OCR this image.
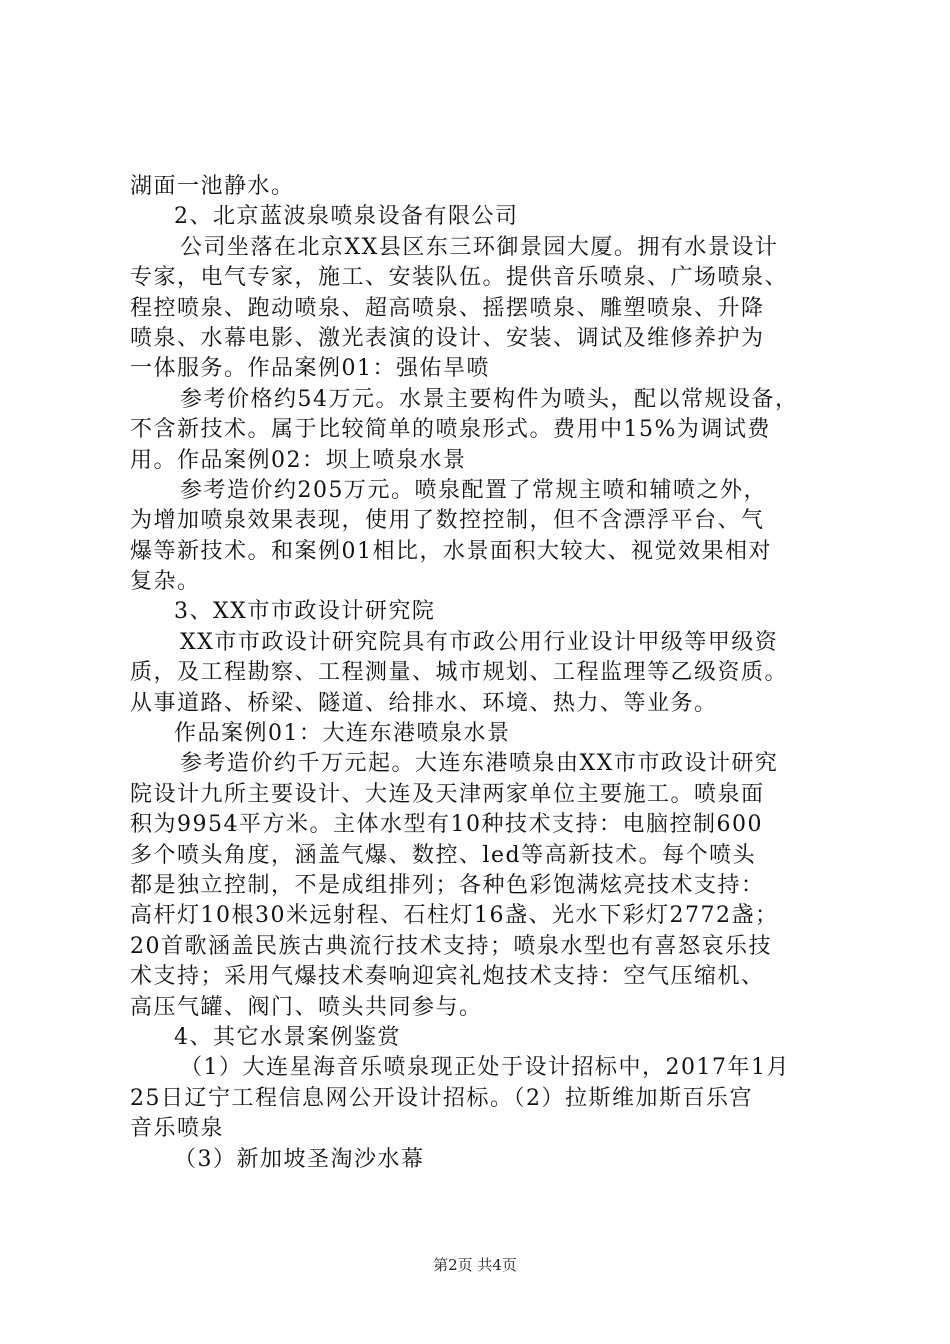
湖面一池静水。
2、北京蓝波泉喷泉设备有限公司
公司坐落在北京XX县区东三环御景园大厦。拥有水景设计
专家，电气专家，施工、安装队伍。提供音乐喷泉、广场喷泉、
程控喷泉、跑动喷泉、超高喷泉、摇摆喷泉、雕塑喷泉、升降
喷泉、水幕电影、激光表演的设计、安装、调试及维修养护为
一体服务。作品案例01：强佑旱喷
参考价格约54万元。水景主要构件为喷头，配以常规设备，
不含新技术。属于比较简单的喷泉形式。费用中15%为调试费
用。作品案例02：坝上喷泉水景
参考造价约205万元。喷泉配置了常规主喷和辅喷之外，
为增加喷泉效果表现，使用了数控控制，但不含漂浮平台、气
爆等新技术。和案例01相比，水景面积大较大、视觉效果相对
复杂。
3、XX市市政设计研究院
XX市市政设计研究院具有市政公用行业设计甲级等甲级资
质，及工程勘察、工程测量、城市规划、工程监理等乙级资质。
从事道路、桥梁、隧道、给排水、环境、热力、等业务。
作品案例01：大连东港喷泉水景
参考造价约千万元起。大连东港喷泉由XX市市政设计研究
院设计九所主要设计、大连及天津两家单位主要施工。喷泉面
积为9954平方米。主体水型有10种技术支持：电脑控制600
多个喷头角度，涵盖气爆、数控、led等高新技术。每个喷头
都是独立控制，不是成组排列；各种色彩饱满炫亮技术支持：
高杆灯10根30米远射程、石柱灯16盏、光水下彩灯2772盏；
20首歌涵盖民族古典流行技术支持；喷泉水型也有喜怒哀乐技
术支持；采用气爆技术奏响迎宾礼炮技术支持：空气压缩机、
高压气罐、阀门、喷头共同参与。
4、其它水景案例鉴赏
（1）大连星海音乐喷泉现正处于设计招标中，2017年1月
25日辽宁工程信息网公开设计招标。（2）拉斯维加斯百乐宫
音乐喷泉
（3）新加坡圣淘沙水幕
第2页 共4页
